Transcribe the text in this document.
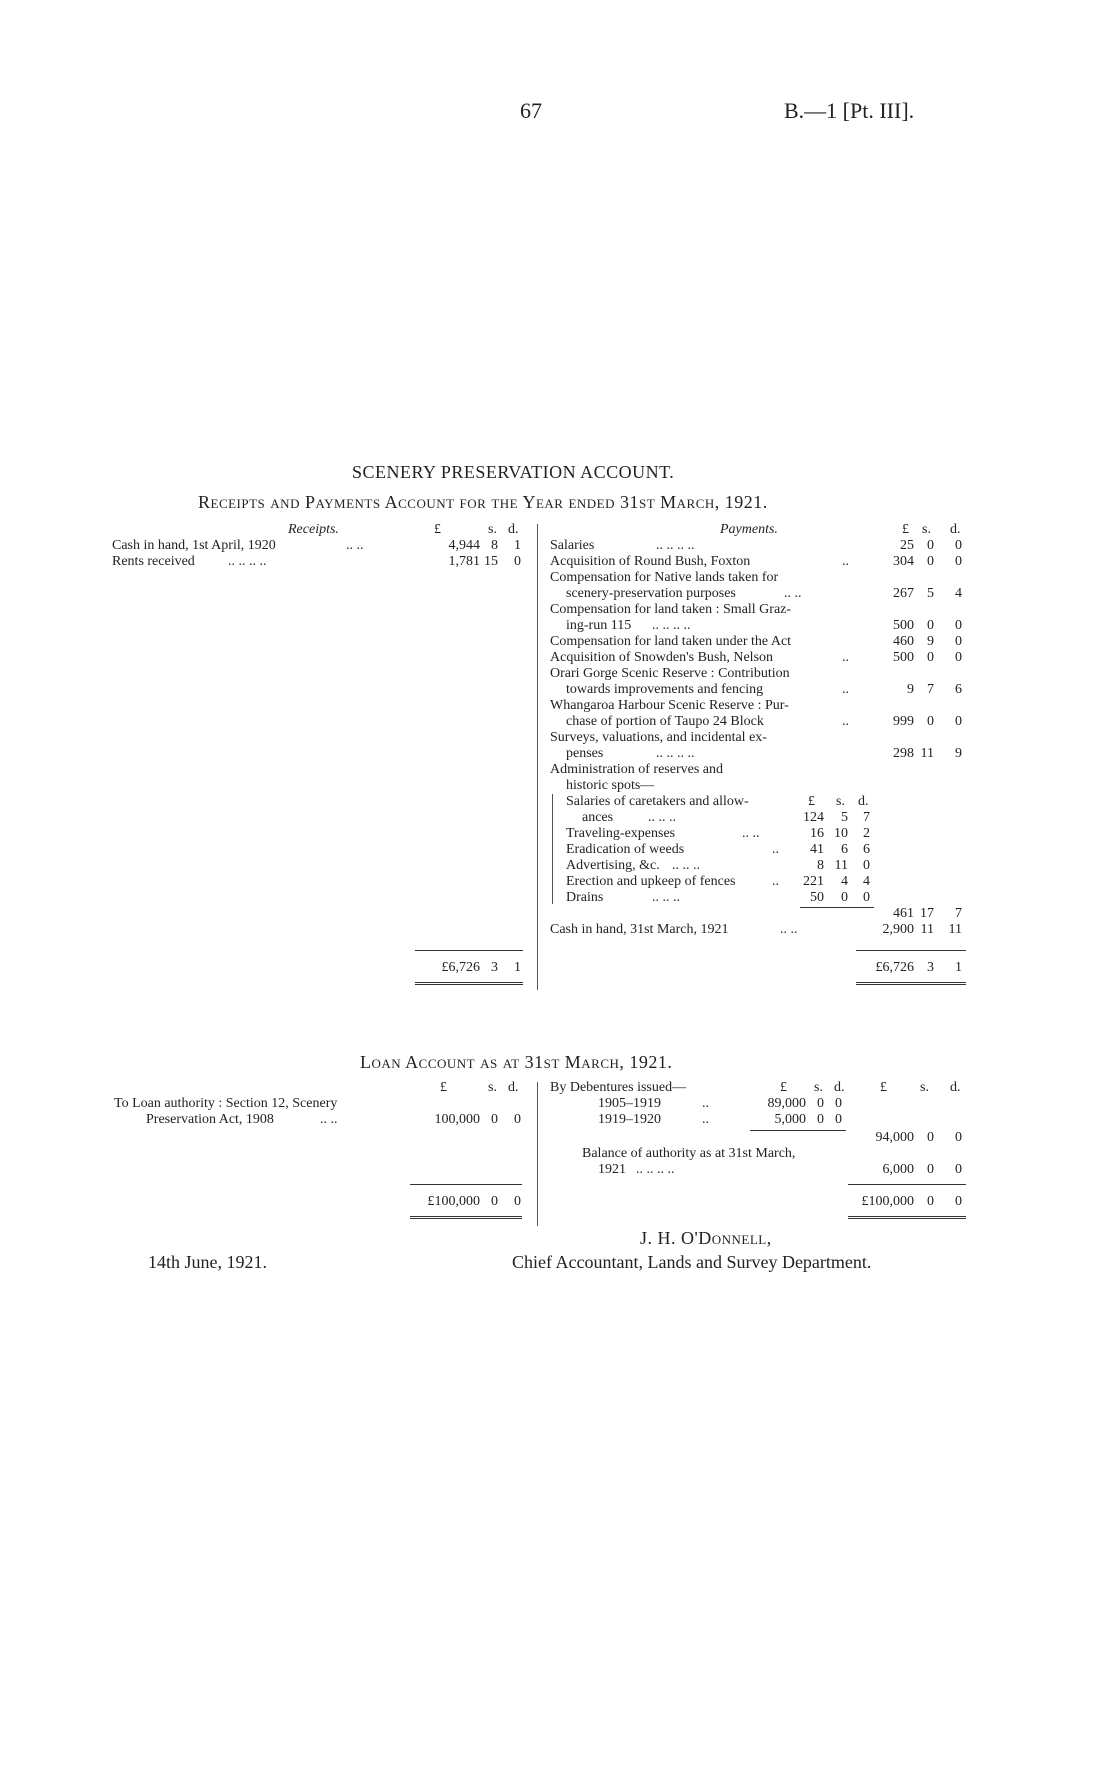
67	B.—1 [Pt. III].
SCENERY PRESERVATION ACCOUNT.
Receipts and Payments Account for the Year ended 31st March, 1921.
Receipts.	£	s. d.
Cash in hand, 1st April, 1920	.. ..	4,944 8	1
Rents received .. .. .. ..	1,781 15	0
£6,726 3	1
Payments.	£ s. d.
Salaries	.. .. .. ..	25 0	0
Acquisition of Round Bush, Foxton	..	304 0	0
Compensation for Native lands taken for
scenery-preservation purposes	.. ..	267 5	4
Compensation for land taken : Small Graz-
ing-run 115 .. .. .. ..	500 0	0
Compensation for land taken under the Act	460 9	0
Acquisition of Snowden's Bush, Nelson	..	500 0	0
Orari Gorge Scenic Reserve : Contribution
towards improvements and fencing	..	9 7	6
Whangaroa Harbour Scenic Reserve : Pur-
chase of portion of Taupo 24 Block	..	999 0	0
Surveys, valuations, and incidental ex-
penses	.. .. .. ..	298 11	9
Administration of reserves and
historic spots—
£ s. d.
Salaries of caretakers and allow-
ances .. .. ..	124	5	7
Traveling-expenses	.. ..	16 10	2
Eradication of weeds	..	41	6	6
Advertising, &c. .. .. ..	8 11	0
Erection and upkeep of fences	..	221	4	4
Drains	.. .. ..	50	0	0
461 17	7
Cash in hand, 31st March, 1921	.. ..	2,900 11	11
£6,726 3	1
Loan Account as at 31st March, 1921.
£	s. d.
To Loan authority : Section 12, Scenery
Preservation Act, 1908	.. ..	100,000 0	0
£100,000 0	0
By Debentures issued—	£ s. d.	£ s. d.
1905–1919	..	89,000 0 0
1919–1920	..	5,000 0 0
94,000 0	0
Balance of authority as at 31st March,
1921 .. .. .. ..	6,000 0	0
£100,000 0	0
14th June, 1921.
J. H. O'Donnell,
Chief Accountant, Lands and Survey Department.
